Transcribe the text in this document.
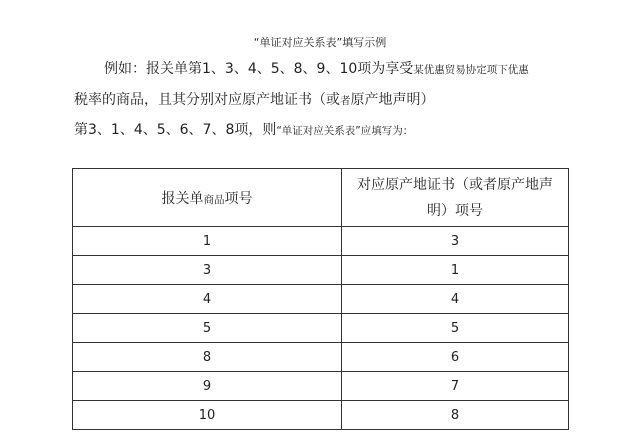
“单证对应关系表”填写示例
例如：报关单第1、3、4、5、8、9、10项为享受某优惠贸易协定项下优惠
税率的商品，且其分别对应原产地证书（或者原产地声明）
第3、1、4、5、6、7、8项，则“单证对应关系表”应填写为：
报关单商品项号	对应原产地证书（或者原产地声
明）项号
1	3
3	1
4	4
5	5
8	6
9	7
10	8
